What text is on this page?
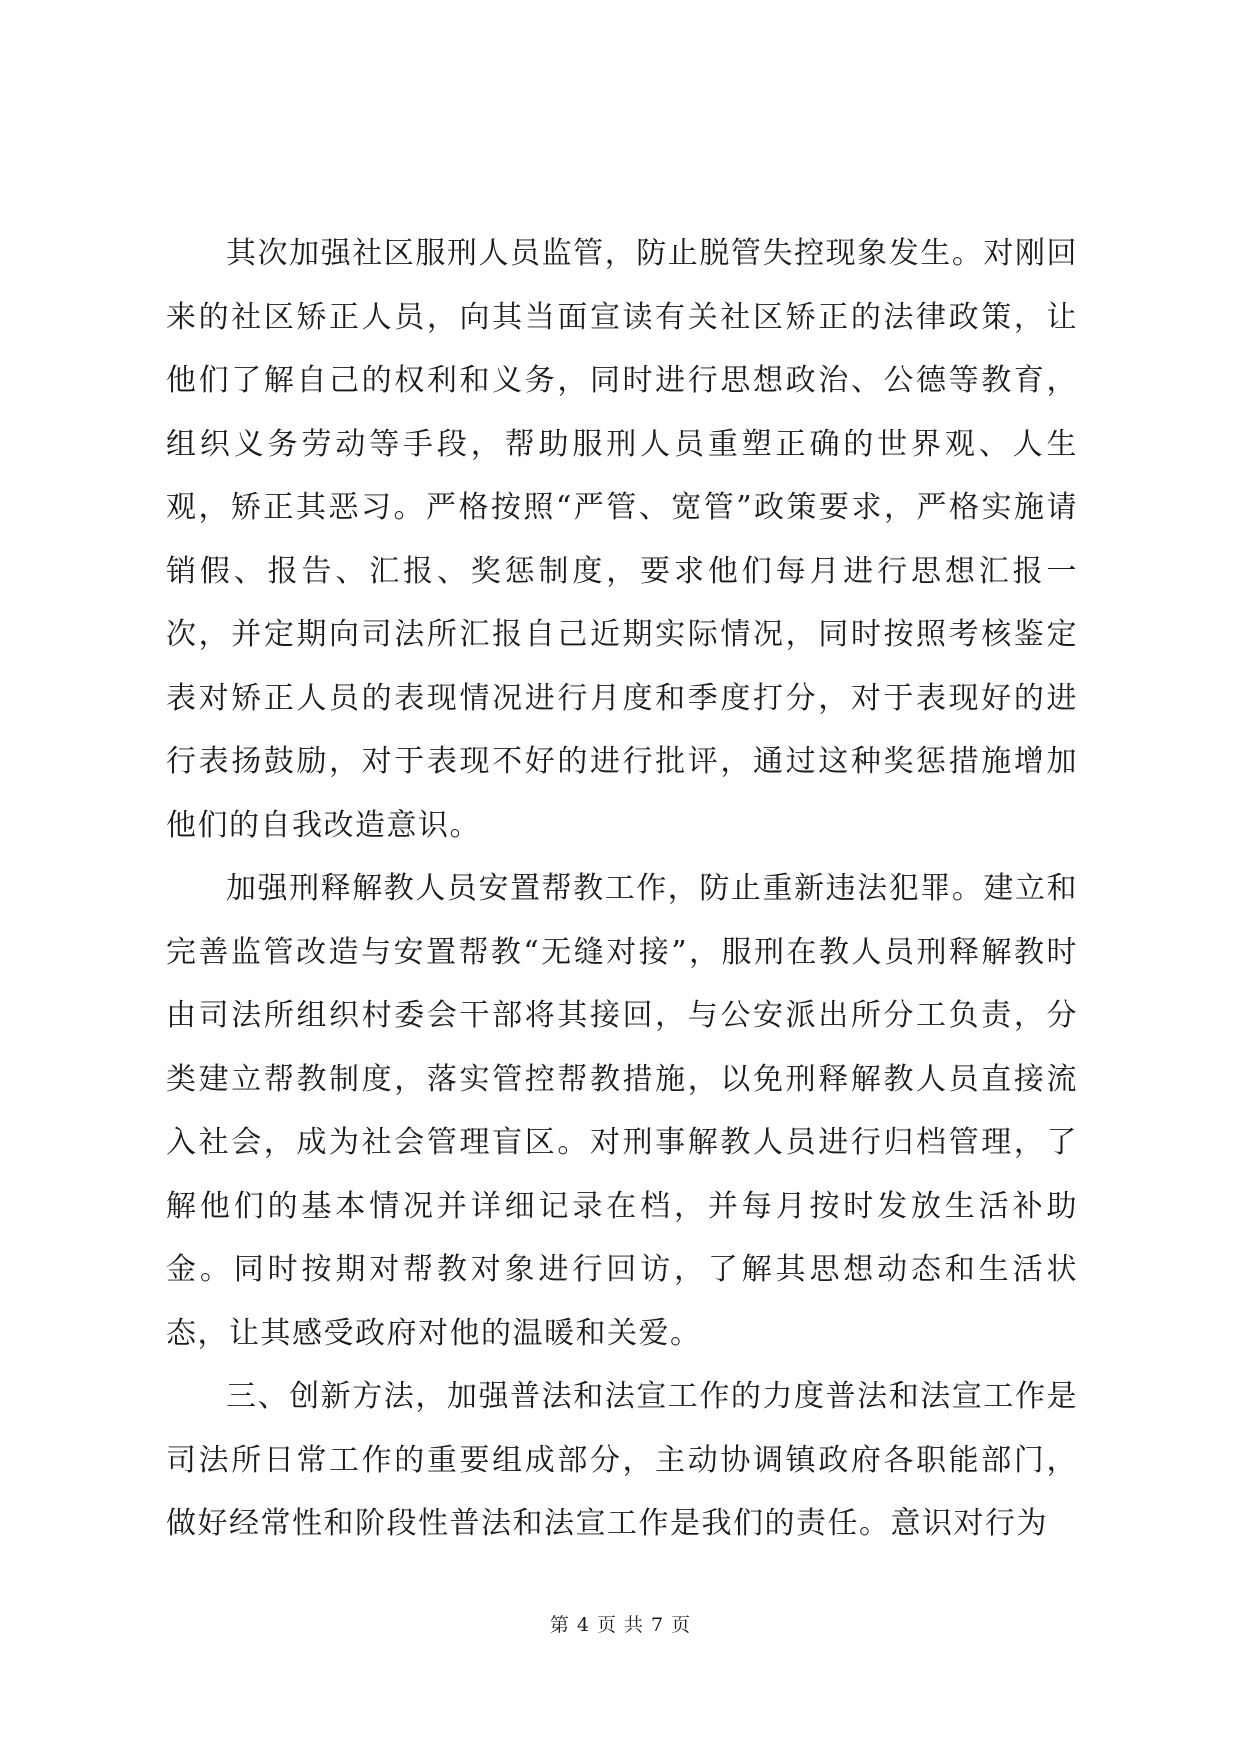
其次加强社区服刑人员监管，防止脱管失控现象发生。对刚回来的社区矫正人员，向其当面宣读有关社区矫正的法律政策，让他们了解自己的权利和义务，同时进行思想政治、公德等教育，组织义务劳动等手段，帮助服刑人员重塑正确的世界观、人生观，矫正其恶习。严格按照“严管、宽管”政策要求，严格实施请销假、报告、汇报、奖惩制度，要求他们每月进行思想汇报一次，并定期向司法所汇报自己近期实际情况，同时按照考核鉴定表对矫正人员的表现情况进行月度和季度打分，对于表现好的进行表扬鼓励，对于表现不好的进行批评，通过这种奖惩措施增加他们的自我改造意识。

加强刑释解教人员安置帮教工作，防止重新违法犯罪。建立和完善监管改造与安置帮教“无缝对接”，服刑在教人员刑释解教时由司法所组织村委会干部将其接回，与公安派出所分工负责，分类建立帮教制度，落实管控帮教措施，以免刑释解教人员直接流入社会，成为社会管理盲区。对刑事解教人员进行归档管理，了解他们的基本情况并详细记录在档，并每月按时发放生活补助金。同时按期对帮教对象进行回访，了解其思想动态和生活状态，让其感受政府对他的温暖和关爱。

三、创新方法，加强普法和法宣工作的力度普法和法宣工作是司法所日常工作的重要组成部分，主动协调镇政府各职能部门，做好经常性和阶段性普法和法宣工作是我们的责任。意识对行为

第 4 页 共 7 页
